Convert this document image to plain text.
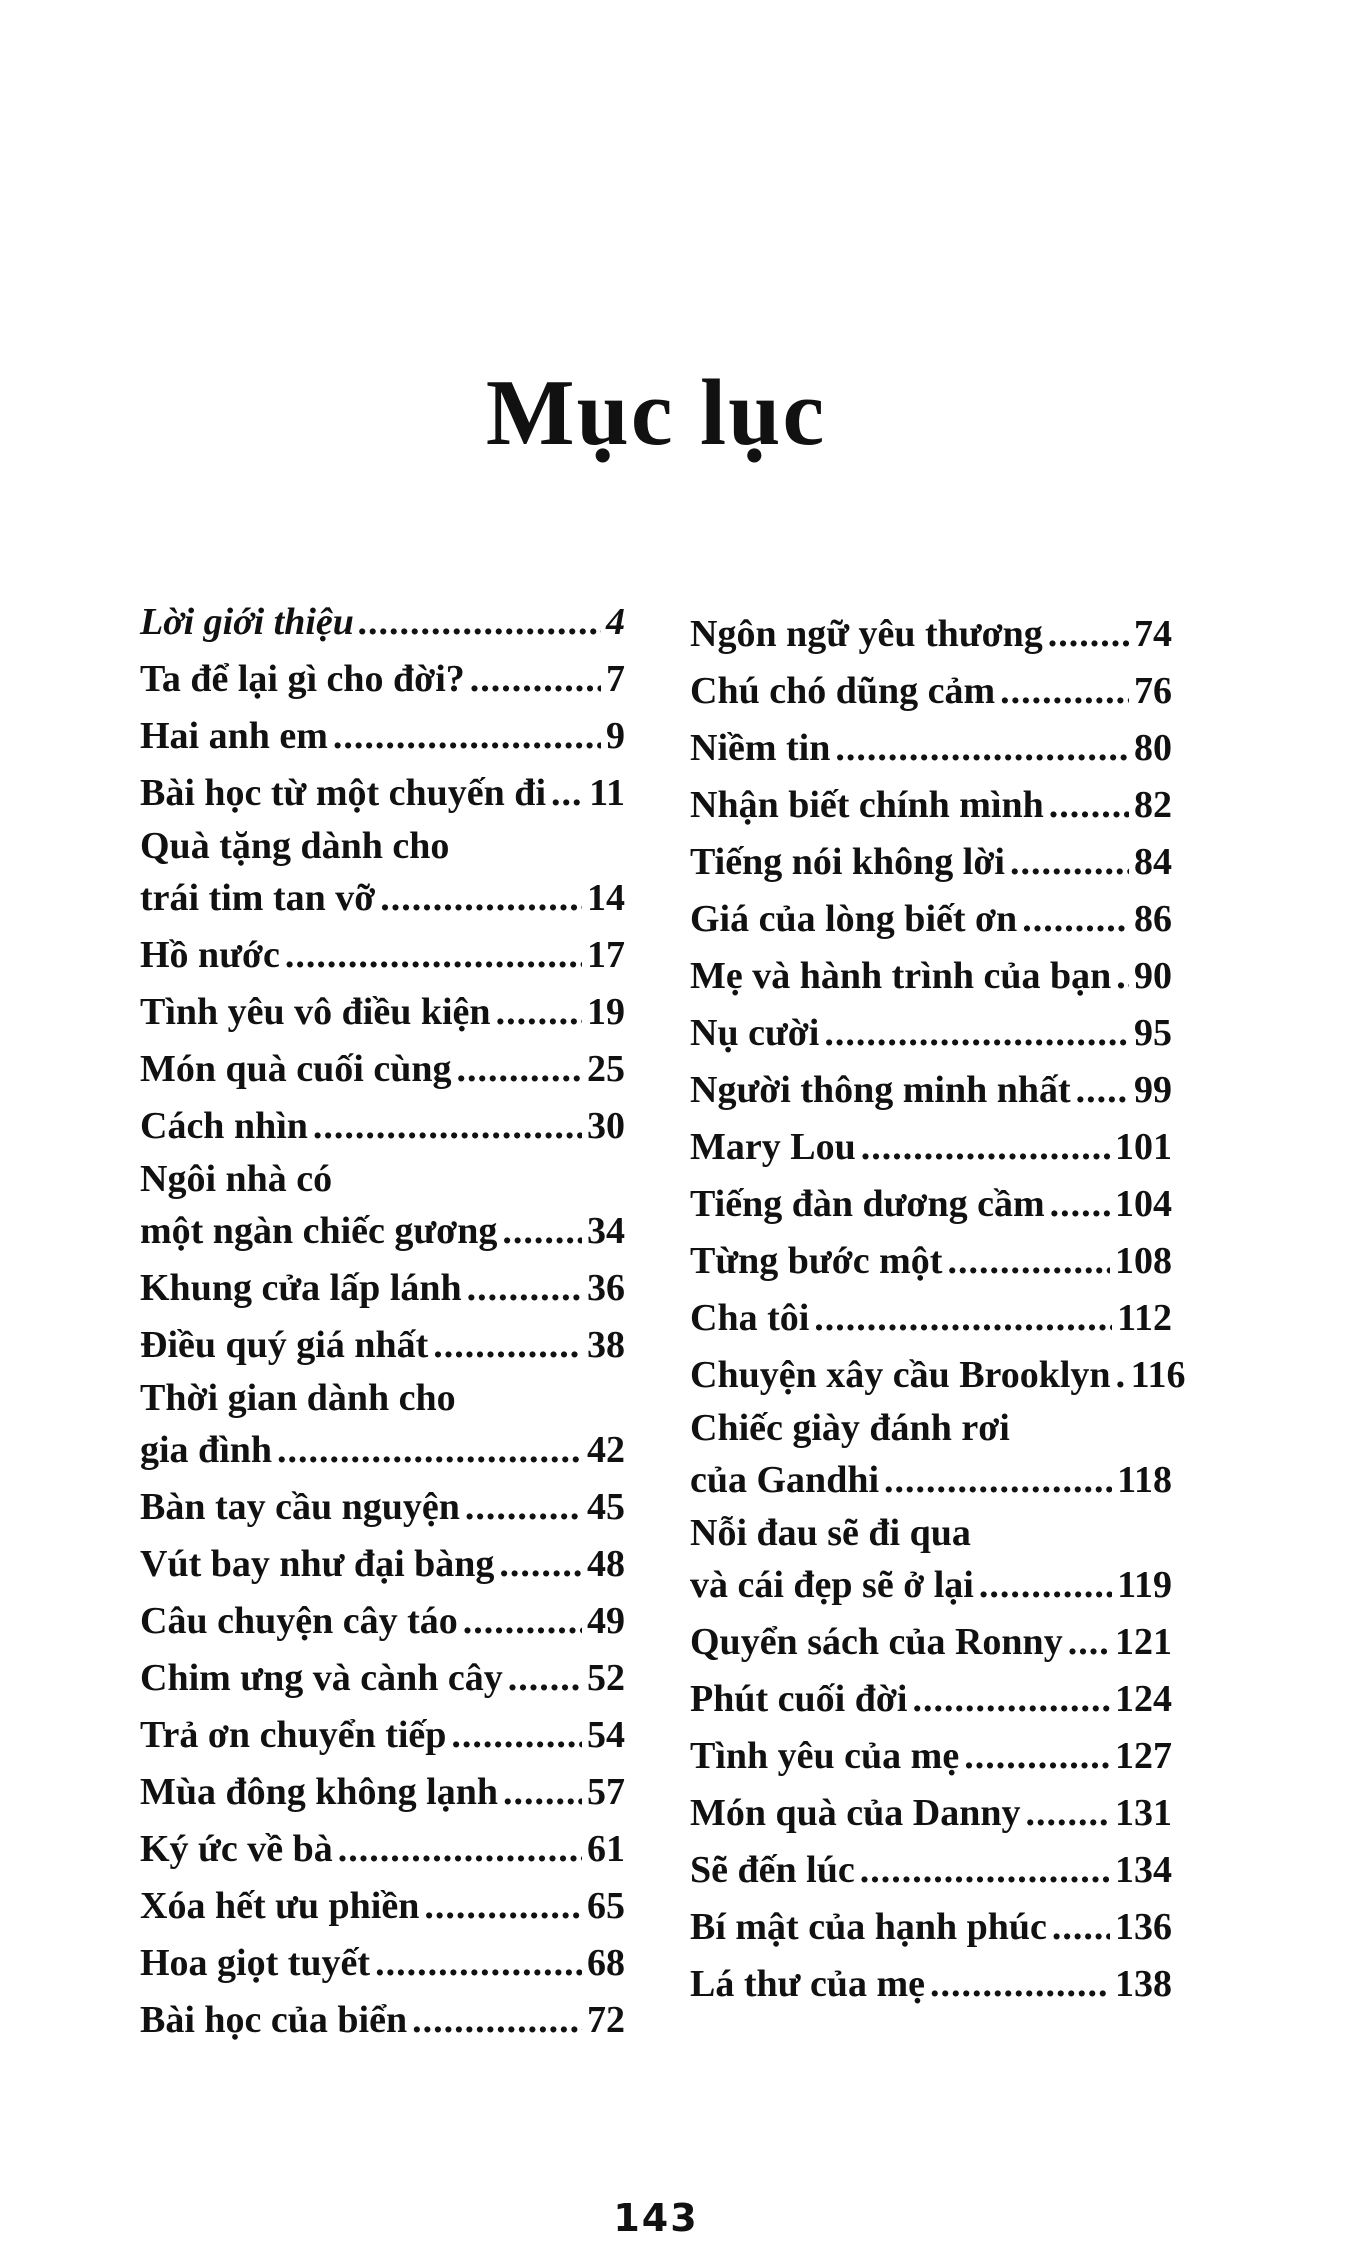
Mục lục
Lời giới thiệu .....	4
Ta để lại gì cho đời? .....	7
Hai anh em .....	9
Bài học từ một chuyến đi ..... 11
Quà tặng dành cho
trái tim tan vỡ .....	14
Hồ nước .....	17
Tình yêu vô điều kiện .....	19
Món quà cuối cùng .....	25
Cách nhìn .....	30
Ngôi nhà có
một ngàn chiếc gương ..... 34
Khung cửa lấp lánh .....	36
Điều quý giá nhất .....	38
Thời gian dành cho
gia đình .....	42
Bàn tay cầu nguyện .....	45
Vút bay như đại bàng ..... 48
Câu chuyện cây táo .....	49
Chim ưng và cành cây ..... 52
Trả ơn chuyển tiếp .....	54
Mùa đông không lạnh ..... 57
Ký ức về bà .....	61
Xóa hết ưu phiền .....	65
Hoa giọt tuyết .....	68
Bài học của biển .....	72
Ngôn ngữ yêu thương ..... 74
Chú chó dũng cảm .....	76
Niềm tin .....	80
Nhận biết chính mình ..... 82
Tiếng nói không lời .....	84
Giá của lòng biết ơn .....	86
Mẹ và hành trình của bạn ..... 90
Nụ cười .....	95
Người thông minh nhất ..... 99
Mary Lou .....	101
Tiếng đàn dương cầm ..... 104
Từng bước một .....	108
Cha tôi .....	112
Chuyện xây cầu Brooklyn ..... 116
Chiếc giày đánh rơi
của Gandhi .....	118
Nỗi đau sẽ đi qua
và cái đẹp sẽ ở lại .....	119
Quyển sách của Ronny ..... 121
Phút cuối đời .....	124
Tình yêu của mẹ .....	127
Món quà của Danny ..... 131
Sẽ đến lúc .....	134
Bí mật của hạnh phúc ..... 136
Lá thư của mẹ .....	138
143
